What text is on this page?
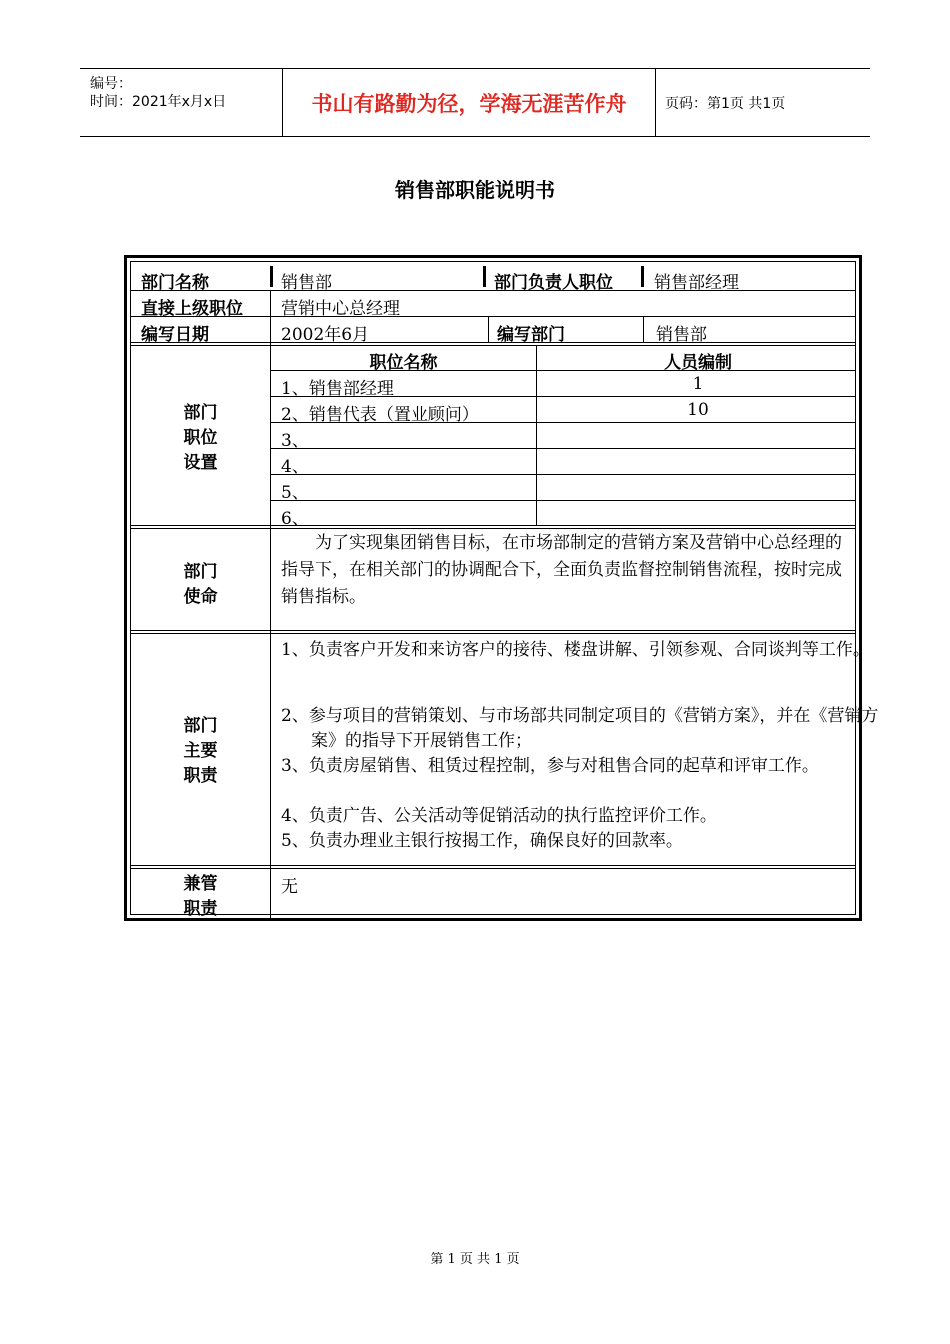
编号：
时间：2021年x月x日	书山有路勤为径，学海无涯苦作舟	页码：第1页 共1页
销售部职能说明书
部门名称	销售部	部门负责人职位 销售部经理
直接上级职位 营销中心总经理
编写日期	2002年6月	编写部门	销售部
部门
职位
设置
职位名称	人员编制
1、销售部经理	1
2、销售代表（置业顾问）	10
3、
4、
5、
6、
部门
使命
为了实现集团销售目标，在市场部制定的营销方案及营销中心总经理的指导下，在相关部门的协调配合下，全面负责监督控制销售流程，按时完成销售指标。
部门
主要
职责
1、负责客户开发和来访客户的接待、楼盘讲解、引领参观、合同谈判等工作。
2、参与项目的营销策划、与市场部共同制定项目的《营销方案》，并在《营销方案》的指导下开展销售工作；
3、负责房屋销售、租赁过程控制，参与对租售合同的起草和评审工作。
4、负责广告、公关活动等促销活动的执行监控评价工作。
5、负责办理业主银行按揭工作，确保良好的回款率。
兼管
职责
无
第 1 页 共 1 页
